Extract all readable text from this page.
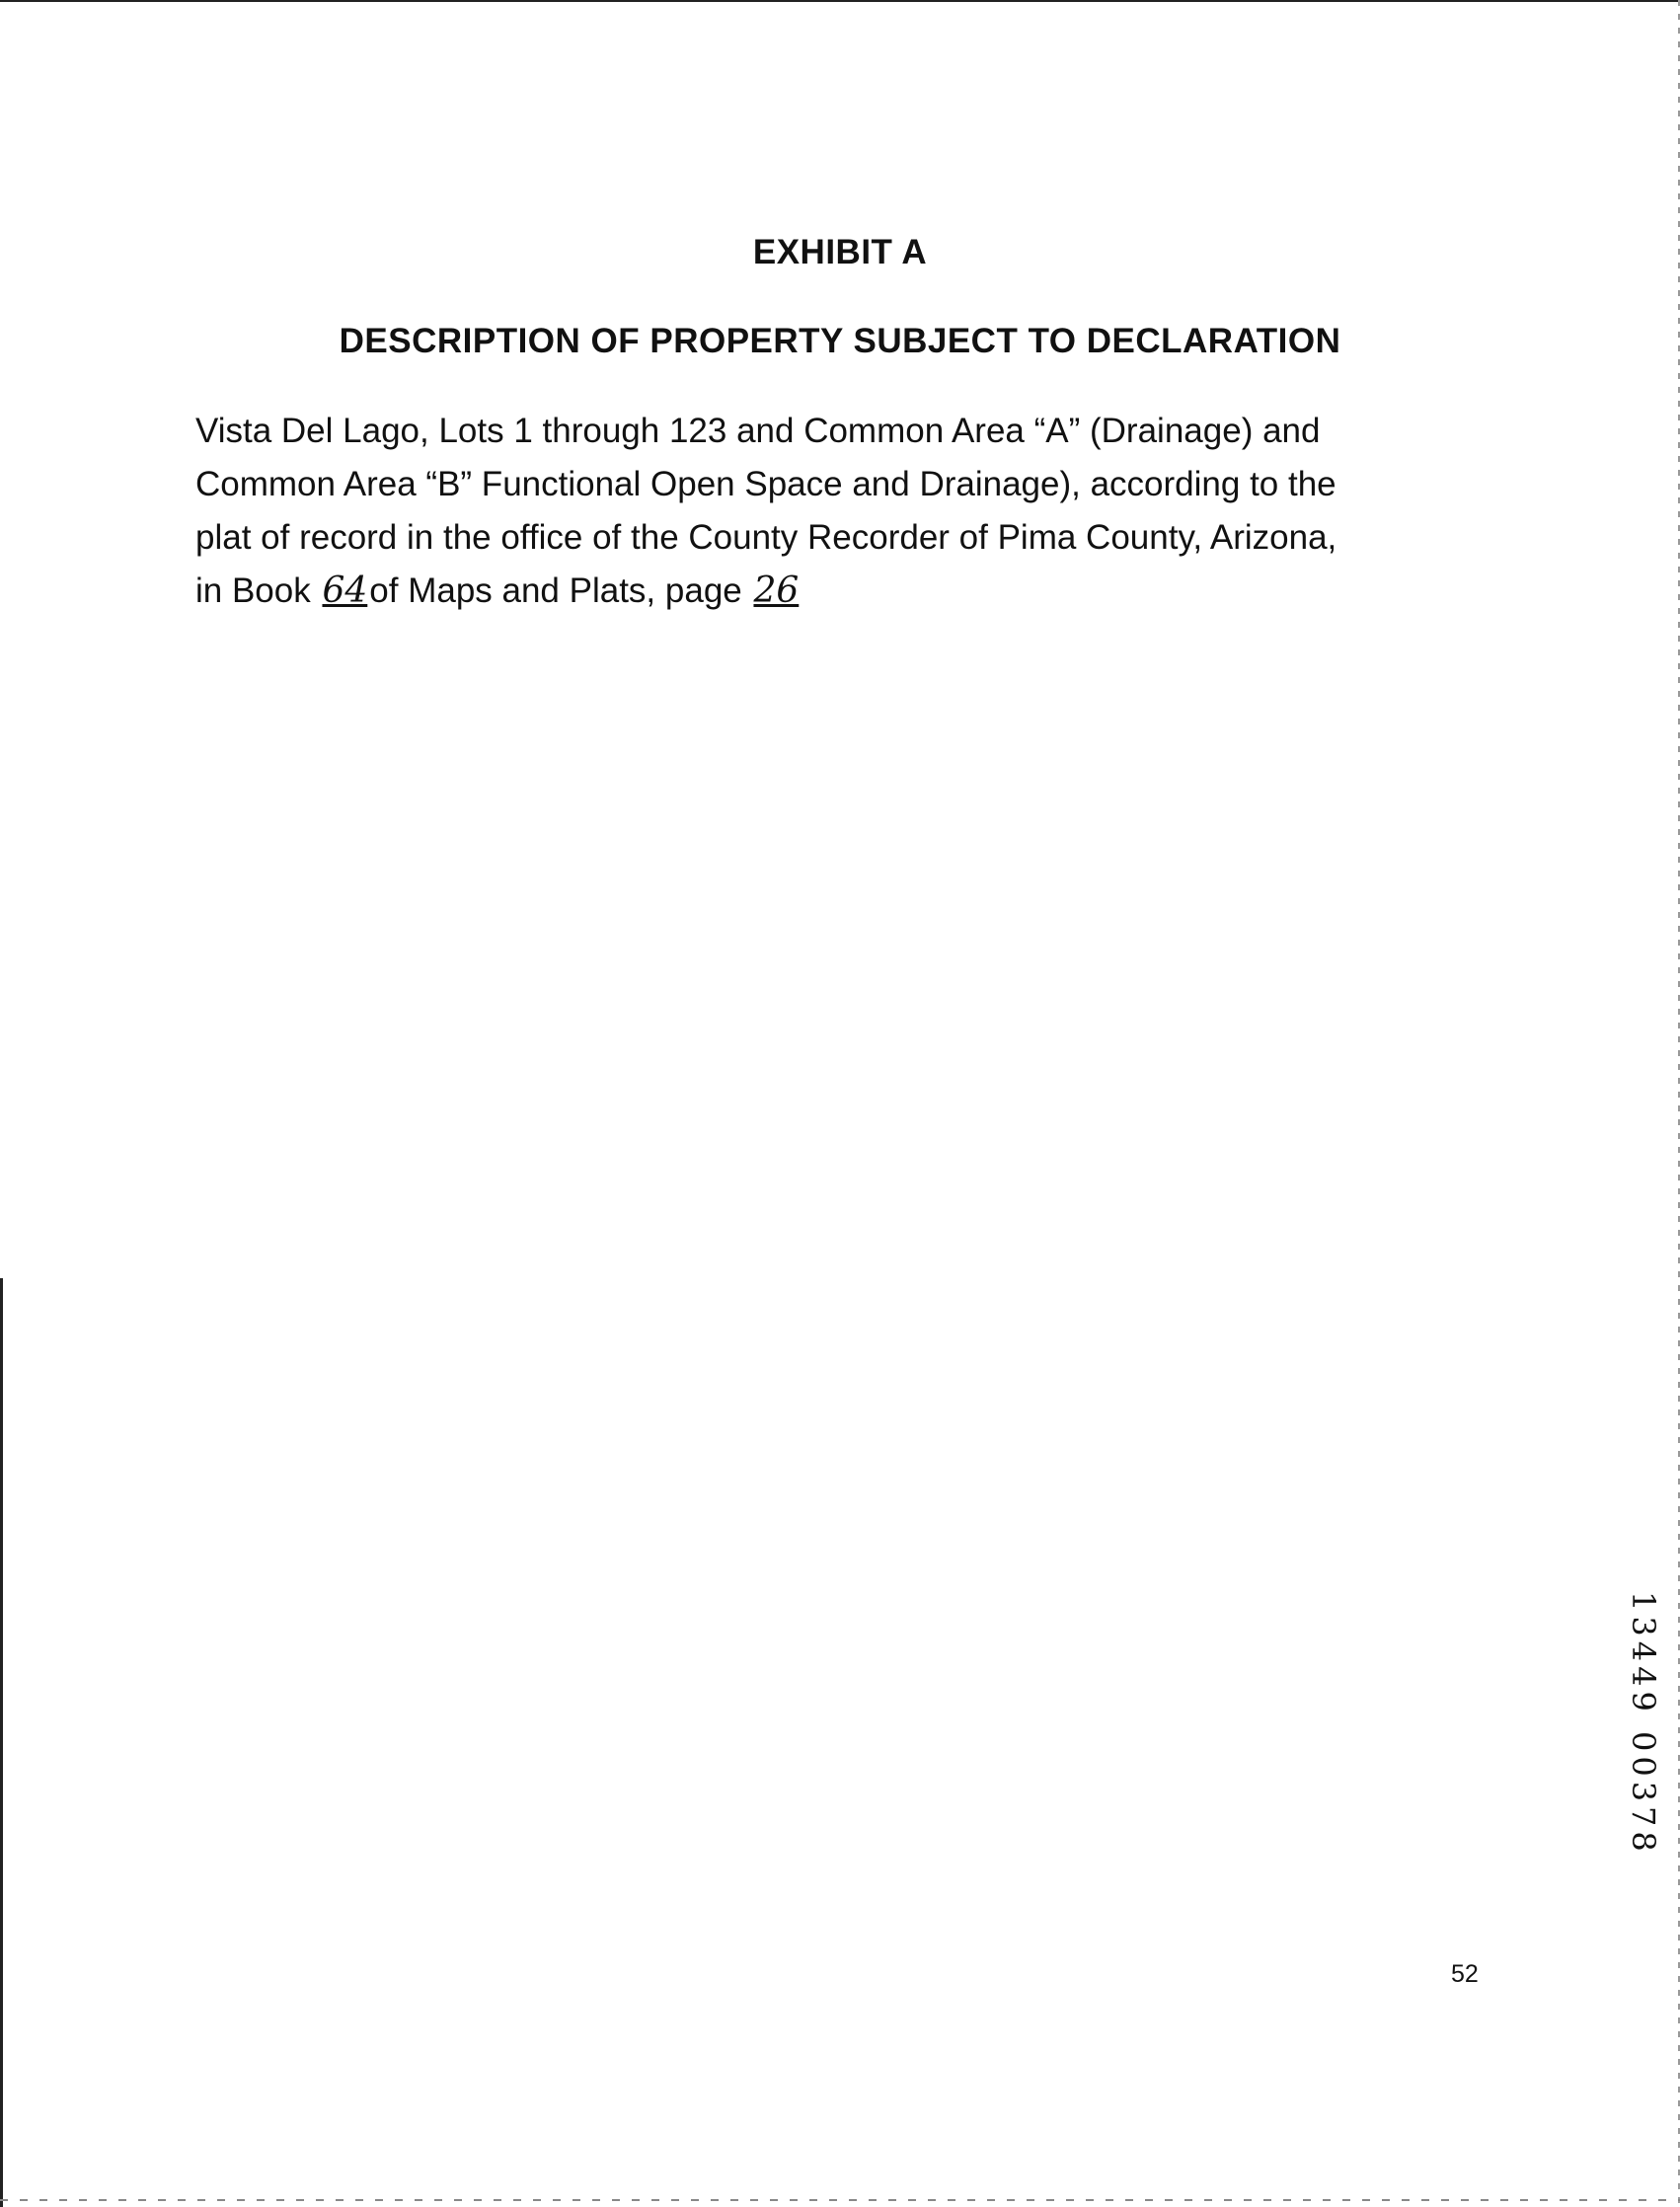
EXHIBIT A
DESCRIPTION OF PROPERTY SUBJECT TO DECLARATION
Vista Del Lago, Lots 1 through 123 and Common Area “A” (Drainage) and
Common Area “B” Functional Open Space and Drainage), according to the
plat of record in the office of the County Recorder of Pima County, Arizona,
in Book 64of Maps and Plats, page 26
13449 00378
52
